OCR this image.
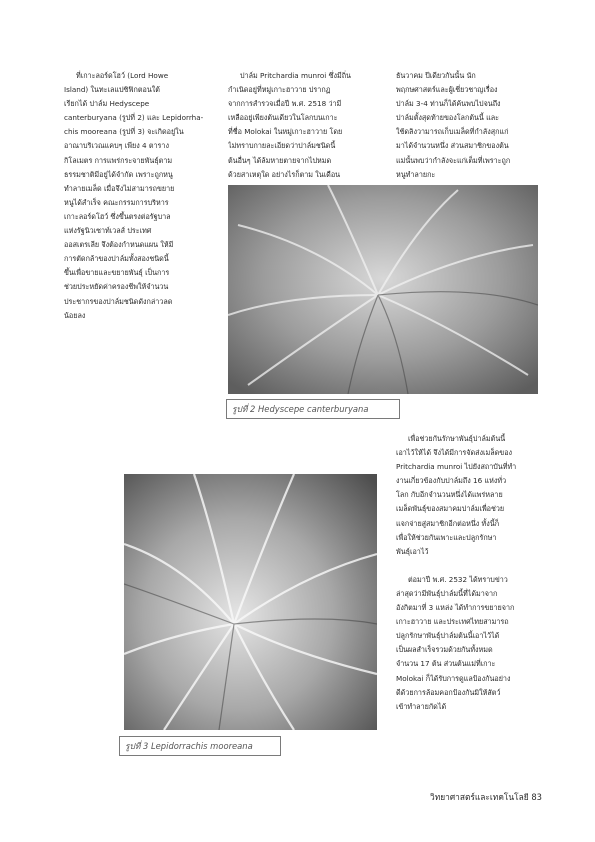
ที่เกาะลอร์ดโฮว์ (Lord Howe
Island) ในทะเลแปซิฟิกตอนใต้
เรียกได้ ปาล์ม Hedyscepe
canterburyana (รูปที่ 2) และ Lepidorrha-
chis mooreana (รูปที่ 3) จะเกิดอยู่ใน
อาณาบริเวณแคบๆ เพียง 4 ตาราง
กิโลเมตร การแพร่กระจายพันธุ์ตาม
ธรรมชาติมีอยู่ได้จำกัด เพราะถูกหนู
ทำลายเมล็ด เมื่อจึงไม่สามารถขยาย
หนูได้สำเร็จ คณะกรรมการบริหาร
เกาะลอร์ดโฮว์ ซึ่งขึ้นตรงต่อรัฐบาล
แห่งรัฐนิวเซาท์เวลส์ ประเทศ
ออสเตรเลีย จึงต้องกำหนดแผน ให้มี
การตัดกล้าของปาล์มทั้งสองชนิดนี้
ขึ้นเพื่อขายและขยายพันธุ์ เป็นการ
ช่วยประหยัดค่าครองชีพให้จำนวน
ประชากรของปาล์มชนิดดังกล่าวลด
น้อยลง
ปาล์ม Pritchardia munroi ซึ่งมีถิ่น
กำเนิดอยู่ที่หมู่เกาะฮาวาย ปรากฏ
จากการสำรวจเมื่อปี พ.ศ. 2518 ว่ามี
เหลืออยู่เพียงต้นเดียวในโลกบนเกาะ
ที่ชื่อ Molokai ในหมู่เกาะฮาวาย โดย
ไม่ทราบกายละเอียดว่าปาล์มชนิดนี้
ต้นอื่นๆ ได้ล้มหายตายจากไปหมด
ด้วยสาเหตุใด อย่างไรก็ตาม ในเดือน
ธันวาคม ปีเดียวกันนั้น นัก
พฤกษศาสตร์และผู้เชี่ยวชาญเรื่อง
ปาล์ม 3-4 ท่านก็ได้ค้นพบไปจนถึง
ปาล์มตั้งสุดท้ายของโลกต้นนี้ และ
ใช้ดลิงวามารถเก็บเมล็ดที่กำลังสุกแก่
มาได้จำนวนหนึ่ง ส่วนสมาชิกของต้น
แม่นั้นพบว่ากำลังจะแก่เต็มที่เพราะถูก
หนูทำลายกะ
รูปที่ 2 Hedyscepe canterburyana
รูปที่ 3 Lepidorrachis mooreana
เพื่อช่วยกันรักษาพันธุ์ปาล์มต้นนี้
เอาไว้ให้ได้ จึงได้มีการจัดส่งเมล็ดของ
Pritchardia munroi ไปยังสถาบันที่ทำ
งานเกี่ยวข้องกับปาล์มถึง 16 แห่งทั่ว
โลก กับอีกจำนวนหนึ่งได้แพร่หลาย
เมล็ดพันธุ์ของสมาคมปาล์มเพื่อช่วย
แจกจ่ายสู่สมาชิกอีกต่อหนึ่ง ทั้งนี้ก็
เพื่อให้ช่วยกันเพาะและปลูกรักษา
พันธุ์เอาไว้
ต่อมาปี พ.ศ. 2532 ได้ทราบข่าว
ล่าสุดว่ามีพันธุ์ปาล์มนี้ที่ได้มาจาก
อังกิตมาที่ 3 แหล่ง ได้ทำการขยายจาก
เกาะฮาวาย และประเทศไทยสามารถ
ปลูกรักษาพันธุ์ปาล์มต้นนี้เอาไว้ได้
เป็นผลสำเร็จรวมด้วยกันทั้งหมด
จำนวน 17 ต้น ส่วนต้นแม่ที่เกาะ
Molokai ก็ได้รับการดูแลป้องกันอย่าง
ดีด้วยการล้อมคอกป้องกันมิให้สัตว์
เข้าทำลายกัดได้
วิทยาศาสตร์และเทคโนโลยี 83
